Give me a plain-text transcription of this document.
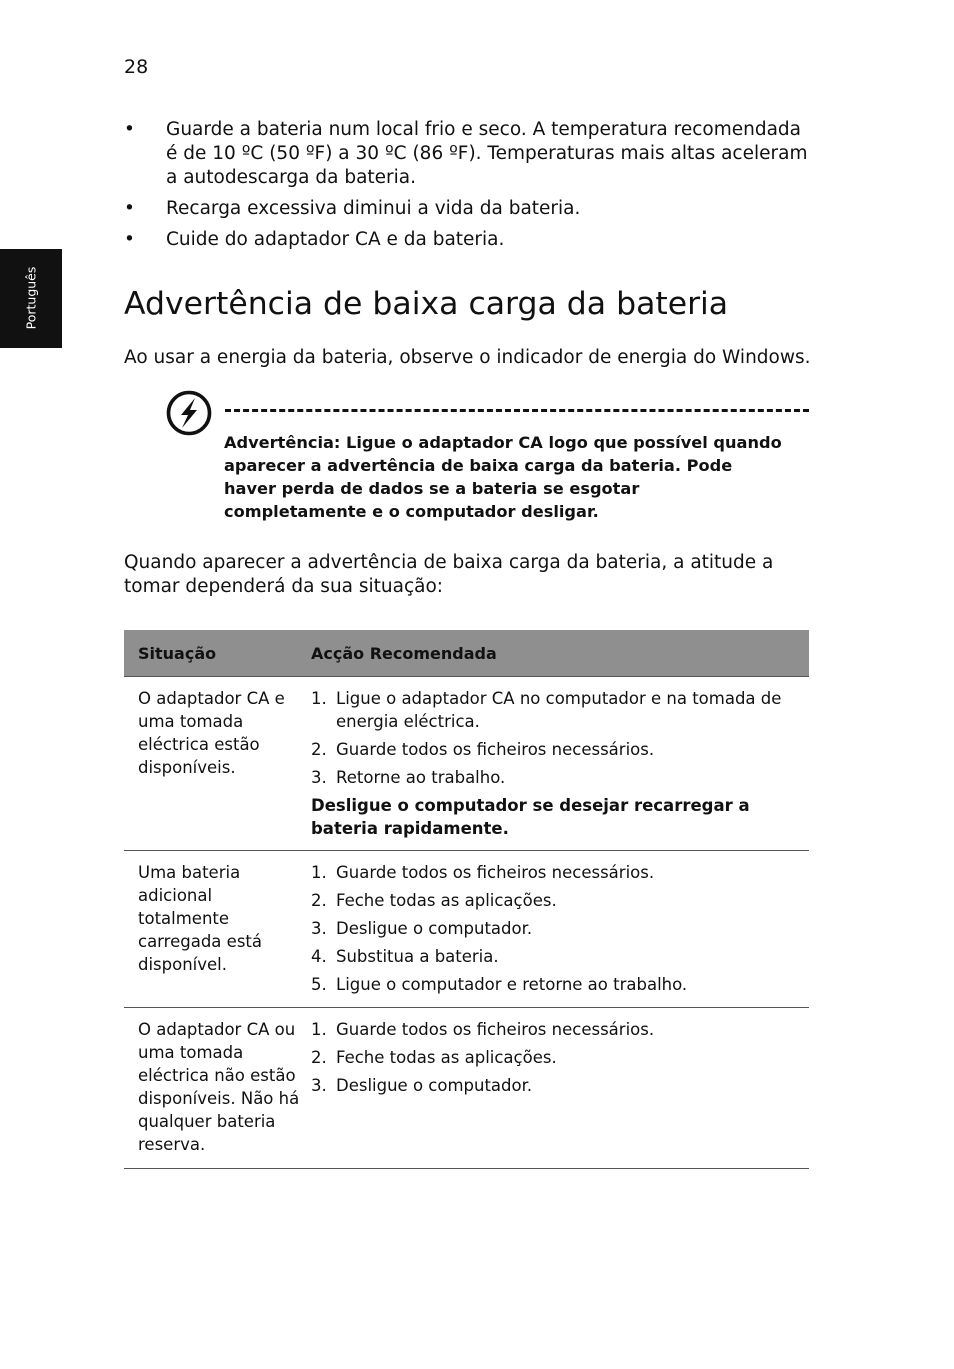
28
Português
• Guarde a bateria num local frio e seco. A temperatura recomendada é de 10 ºC (50 ºF) a 30 ºC (86 ºF). Temperaturas mais altas aceleram a autodescarga da bateria.
• Recarga excessiva diminui a vida da bateria.
• Cuide do adaptador CA e da bateria.
Advertência de baixa carga da bateria

Ao usar a energia da bateria, observe o indicador de energia do Windows.

Advertência: Ligue o adaptador CA logo que possível quando aparecer a advertência de baixa carga da bateria. Pode haver perda de dados se a bateria se esgotar completamente e o computador desligar.

Quando aparecer a advertência de baixa carga da bateria, a atitude a tomar dependerá da sua situação:

Situação	Acção Recomendada
O adaptador CA e uma tomada eléctrica estão disponíveis.
1. Ligue o adaptador CA no computador e na tomada de energia eléctrica.
2. Guarde todos os ficheiros necessários.
3. Retorne ao trabalho.
Desligue o computador se desejar recarregar a bateria rapidamente.
Uma bateria adicional totalmente carregada está disponível.
1. Guarde todos os ficheiros necessários.
2. Feche todas as aplicações.
3. Desligue o computador.
4. Substitua a bateria.
5. Ligue o computador e retorne ao trabalho.
O adaptador CA ou uma tomada eléctrica não estão disponíveis. Não há qualquer bateria reserva.
1. Guarde todos os ficheiros necessários.
2. Feche todas as aplicações.
3. Desligue o computador.
